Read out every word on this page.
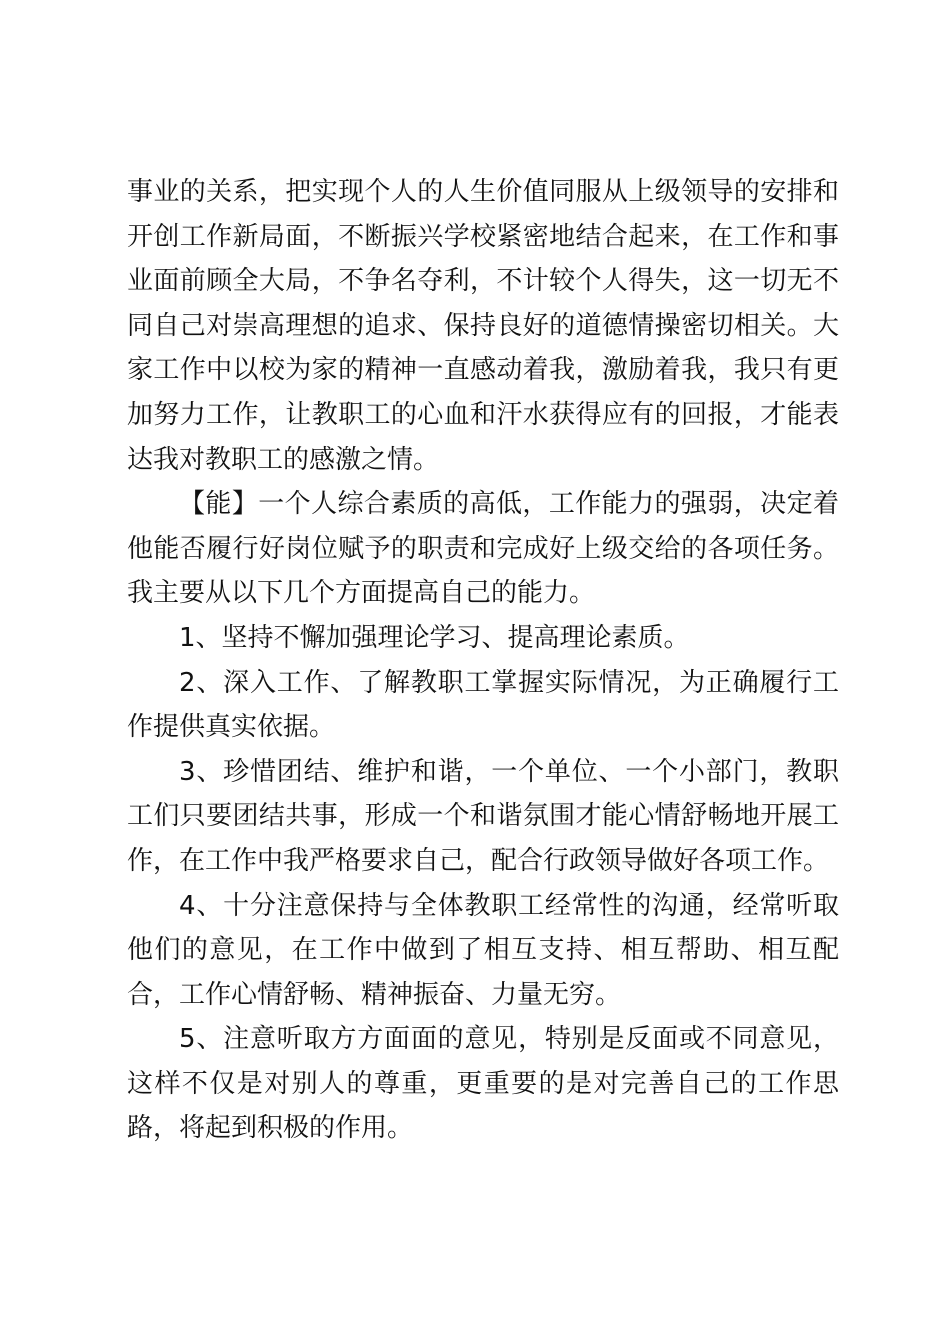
事业的关系，把实现个人的人生价值同服从上级领导的安排和开创工作新局面，不断振兴学校紧密地结合起来，在工作和事业面前顾全大局，不争名夺利，不计较个人得失，这一切无不同自己对崇高理想的追求、保持良好的道德情操密切相关。大家工作中以校为家的精神一直感动着我，激励着我，我只有更加努力工作，让教职工的心血和汗水获得应有的回报，才能表达我对教职工的感激之情。

【能】一个人综合素质的高低，工作能力的强弱，决定着他能否履行好岗位赋予的职责和完成好上级交给的各项任务。我主要从以下几个方面提高自己的能力。

1、坚持不懈加强理论学习、提高理论素质。

2、深入工作、了解教职工掌握实际情况，为正确履行工作提供真实依据。

3、珍惜团结、维护和谐，一个单位、一个小部门，教职工们只要团结共事，形成一个和谐氛围才能心情舒畅地开展工作，在工作中我严格要求自己，配合行政领导做好各项工作。

4、十分注意保持与全体教职工经常性的沟通，经常听取他们的意见，在工作中做到了相互支持、相互帮助、相互配合，工作心情舒畅、精神振奋、力量无穷。

5、注意听取方方面面的意见，特别是反面或不同意见，这样不仅是对别人的尊重，更重要的是对完善自己的工作思路，将起到积极的作用。
